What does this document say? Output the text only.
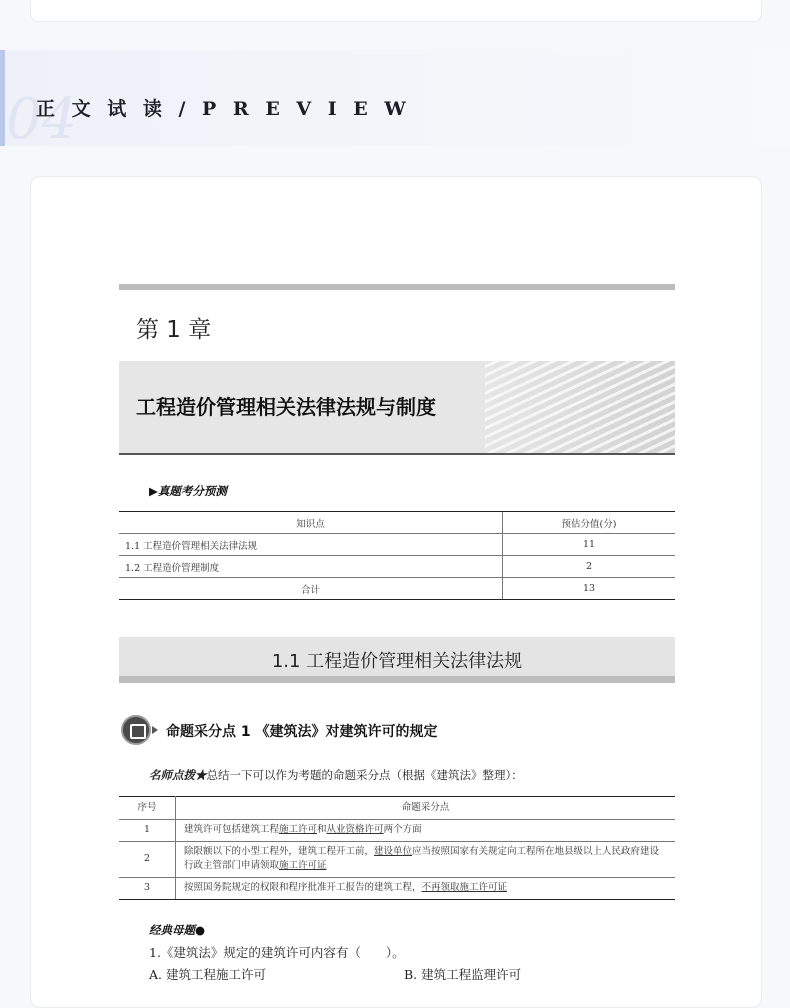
04
正 文 试 读 / P R E V I E W
第 1 章
工程造价管理相关法律法规与制度
▶真题考分预测
知识点	预估分值(分)
1.1 工程造价管理相关法律法规	11
1.2 工程造价管理制度	2
合计	13
1.1 工程造价管理相关法律法规
命题采分点 1 《建筑法》对建筑许可的规定
名师点拨★总结一下可以作为考题的命题采分点（根据《建筑法》整理）：
序号	命题采分点
1	建筑许可包括建筑工程施工许可和从业资格许可两个方面
2	除限额以下的小型工程外，建筑工程开工前，建设单位应当按照国家有关规定向工程所在地县级以上人民政府建设行政主管部门申请领取施工许可证
3	按照国务院规定的权限和程序批准开工报告的建筑工程，不再领取施工许可证
经典母题●
1.《建筑法》规定的建筑许可内容有（　　）。
A. 建筑工程施工许可	B. 建筑工程监理许可
